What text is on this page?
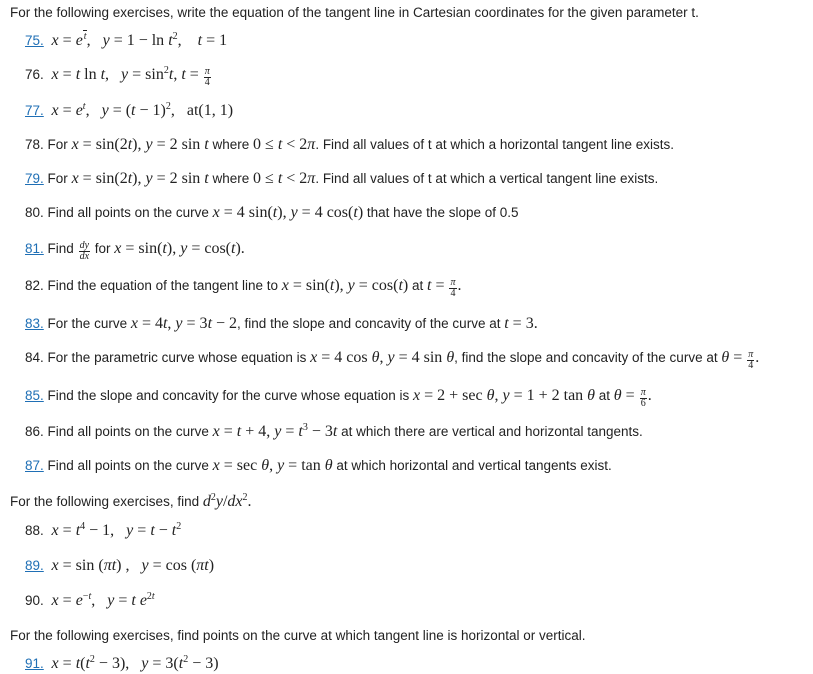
For the following exercises, write the equation of the tangent line in Cartesian coordinates for the given parameter t.
75. $x = e^t$,   $y = 1 - \ln t^2$,    t = 1
76. x = t ln t,   $y = \sin^2t$, $t = \frac{\pi}{4}$
77. $x = e^t$,   $y = (t - 1)^2$,   at(1, 1)
78. For x = sin(2t), y = 2 sin t where 0 ≤ t < 2π. Find all values of t at which a horizontal tangent line exists.
79. For x = sin(2t), y = 2 sin t where 0 ≤ t < 2π. Find all values of t at which a vertical tangent line exists.
80. Find all points on the curve x = 4 sin(t), y = 4 cos(t) that have the slope of 0.5
81. Find $\frac{dy}{dx}$ for x = sin(t), y = cos(t).
82. Find the equation of the tangent line to x = sin(t), y = cos(t) at $t = \frac{\pi}{4}$ .
83. For the curve x = 4t, y = 3t − 2, find the slope and concavity of the curve at t = 3.
84. For the parametric curve whose equation is x = 4 cos θ, y = 4 sin θ, find the slope and concavity of the curve at $\theta = \frac{\pi}{4}$ .
85. Find the slope and concavity for the curve whose equation is x = 2 + sec θ, y = 1 + 2 tan θ at $\theta = \frac{\pi}{6}$ .
86. Find all points on the curve x = t + 4, $y = t^3 - 3t$ at which there are vertical and horizontal tangents.
87. Find all points on the curve x = sec θ, y = tan θ at which horizontal and vertical tangents exist.
For the following exercises, find $d^2y/dx^2$.
88. $x = t^4 - 1$,   $y = t - t^2$
89. x = sin (πt) ,   y = cos (πt)
90. $x = e^{-t}$,   y = t $e^{2t}$
For the following exercises, find points on the curve at which tangent line is horizontal or vertical.
91. $x = t(t^2 - 3)$,   $y = 3(t^2 - 3)$
